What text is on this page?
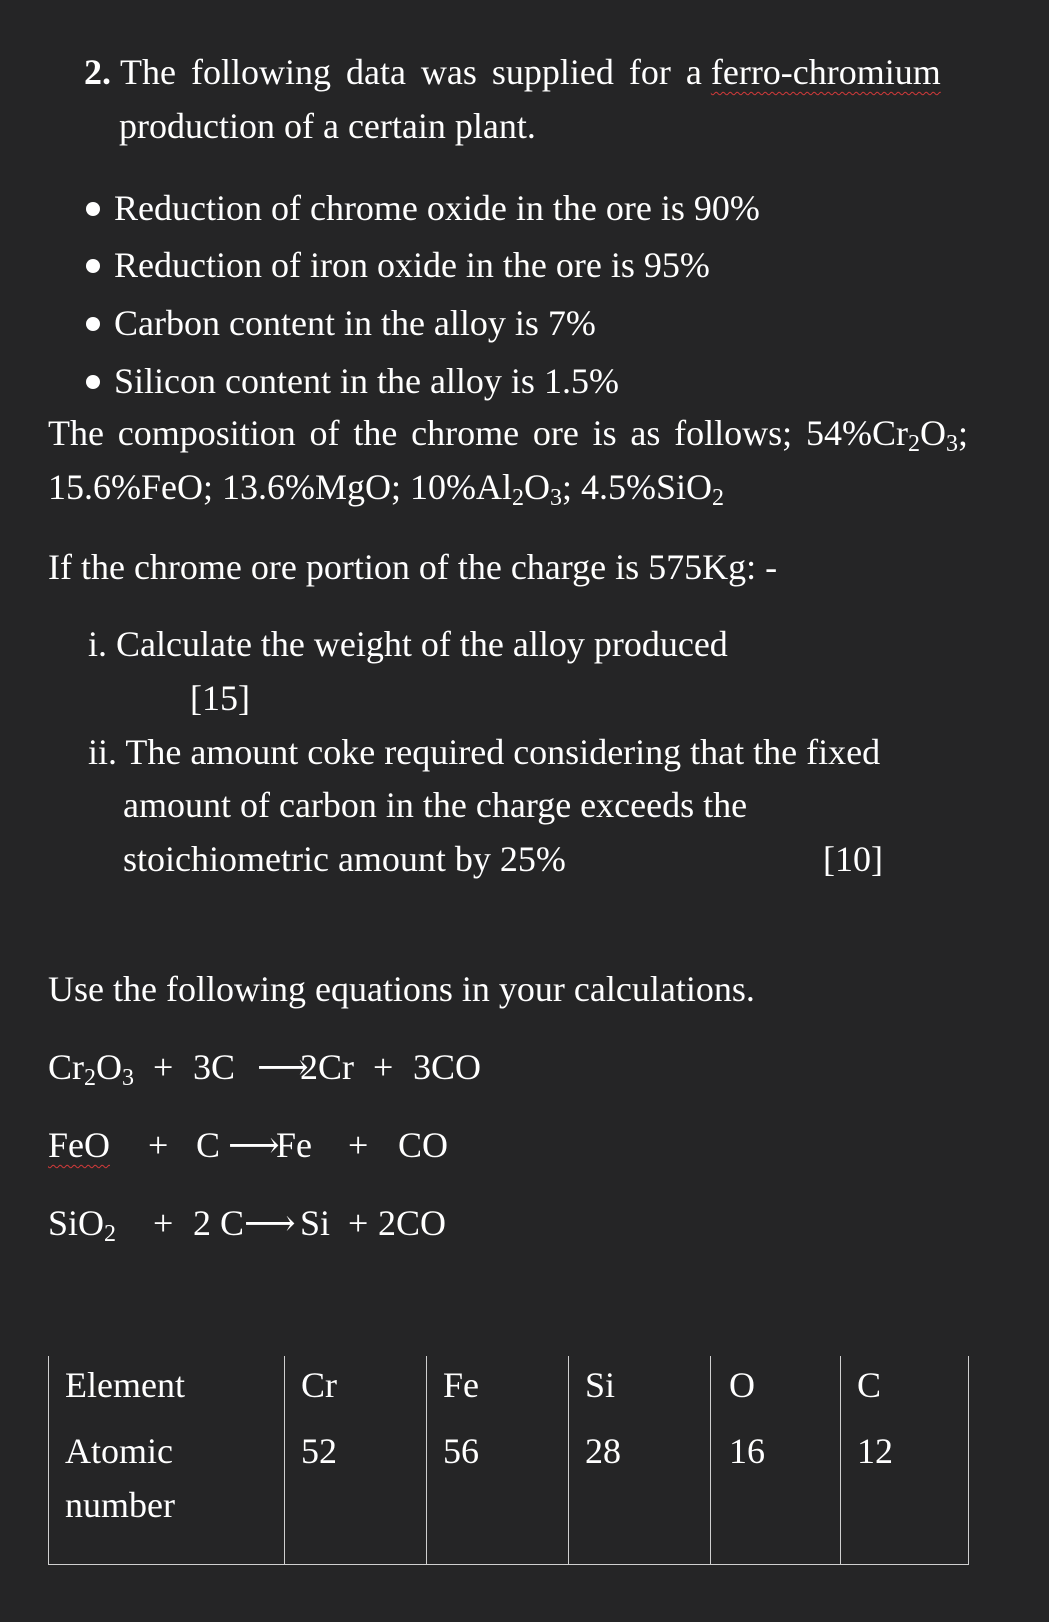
2. The following data was supplied for a ferro-chromium
production of a certain plant.
Reduction of chrome oxide in the ore is 90%
Reduction of iron oxide in the ore is 95%
Carbon content in the alloy is 7%
Silicon content in the alloy is 1.5%
The composition of the chrome ore is as follows; $54\%Cr_2O_3$;
15.6%FeO; 13.6%MgO; $10\%Al_2O_3$; 4.5%SiO$_2$
If the chrome ore portion of the charge is 575Kg: -
i. Calculate the weight of the alloy produced
[15]
ii. The amount coke required considering that the fixed
amount of carbon in the charge exceeds the
stoichiometric amount by 25%	[10]
Use the following equations in your calculations.
$Cr_2O_3 + 3C$ ⟶
2Cr + 3CO
FeO + C ⟶
Fe + CO
SiO$_2$ + 2 C ⟶ Si + 2CO
Element	Cr	Fe	Si	O	C

Atomic
number	52	56	28	16	12
